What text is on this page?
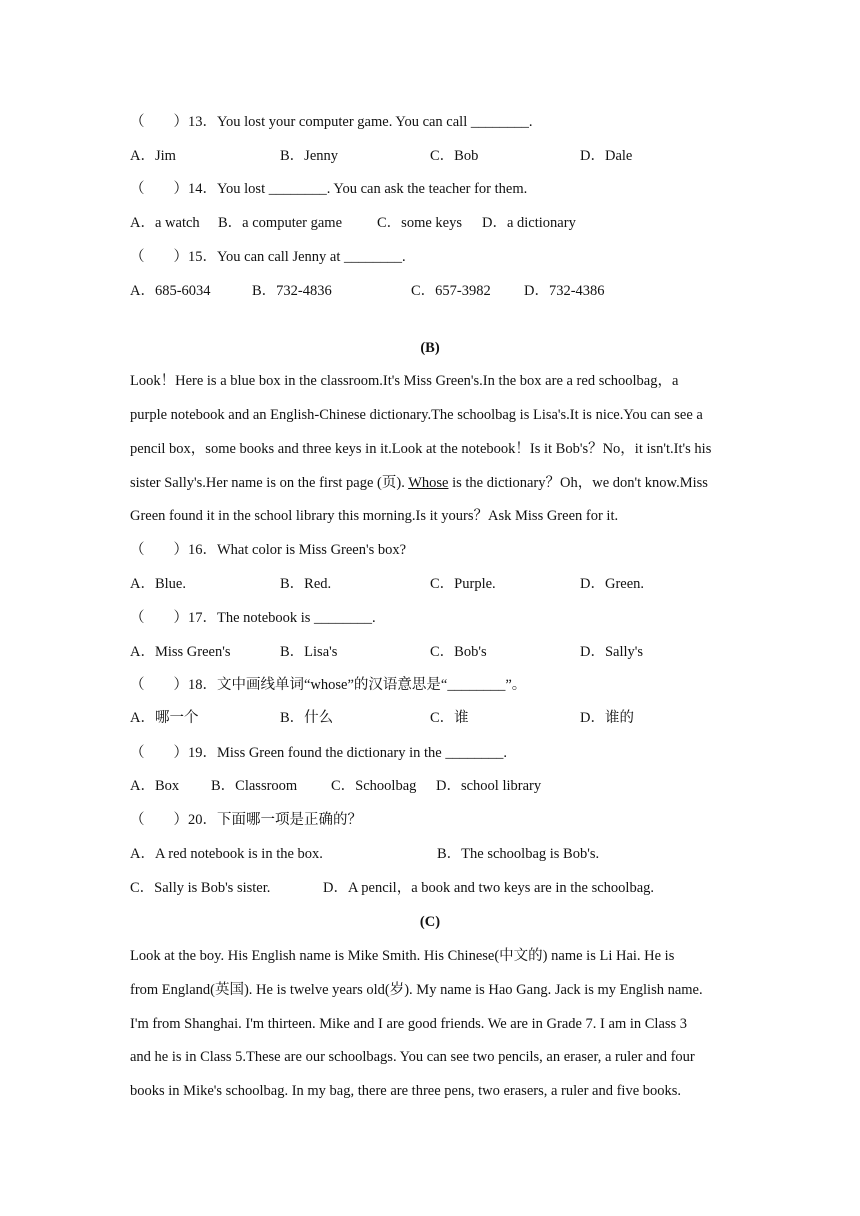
（　　）13．You lost your computer game. You can call ________.
A．Jim	B．Jenny	C．Bob	D．Dale
（　　）14．You lost ________. You can ask the teacher for them.
A．a watch B．a computer game C．some keys D．a dictionary
（　　）15．You can call Jenny at ________.
A．685-6034	B．732-4836	C．657-3982 D．732-4386
(B)
Look！Here is a blue box in the classroom.It's Miss Green's.In the box are a red schoolbag，a
purple notebook and an English-Chinese dictionary.The schoolbag is Lisa's.It is nice.You can see a
pencil box，some books and three keys in it.Look at the notebook！Is it Bob's？No，it isn't.It's his
sister Sally's.Her name is on the first page (页). Whose is the dictionary？Oh，we don't know.Miss
Green found it in the school library this morning.Is it yours？Ask Miss Green for it.
（　　）16．What color is Miss Green's box?
A．Blue.	B．Red.	C．Purple.	D．Green.
（　　）17．The notebook is ________.
A．Miss Green's	B．Lisa's	C．Bob's	D．Sally's
（　　）18．文中画线单词“whose”的汉语意思是“________”。
A．哪一个	B．什么	C．谁	D．谁的
（　　）19．Miss Green found the dictionary in the ________.
A．Box B．Classroom C．Schoolbag D．school library
（　　）20．下面哪一项是正确的？
A．A red notebook is in the box.	B．The schoolbag is Bob's.
C．Sally is Bob's sister.	D．A pencil，a book and two keys are in the schoolbag.
(C)
Look at the boy. His English name is Mike Smith. His Chinese(中文的) name is Li Hai. He is
from England(英国). He is twelve years old(岁). My name is Hao Gang. Jack is my English name.
I'm from Shanghai. I'm thirteen. Mike and I are good friends. We are in Grade 7. I am in Class 3
and he is in Class 5.These are our schoolbags. You can see two pencils, an eraser, a ruler and four
books in Mike's schoolbag. In my bag, there are three pens, two erasers, a ruler and five books.
